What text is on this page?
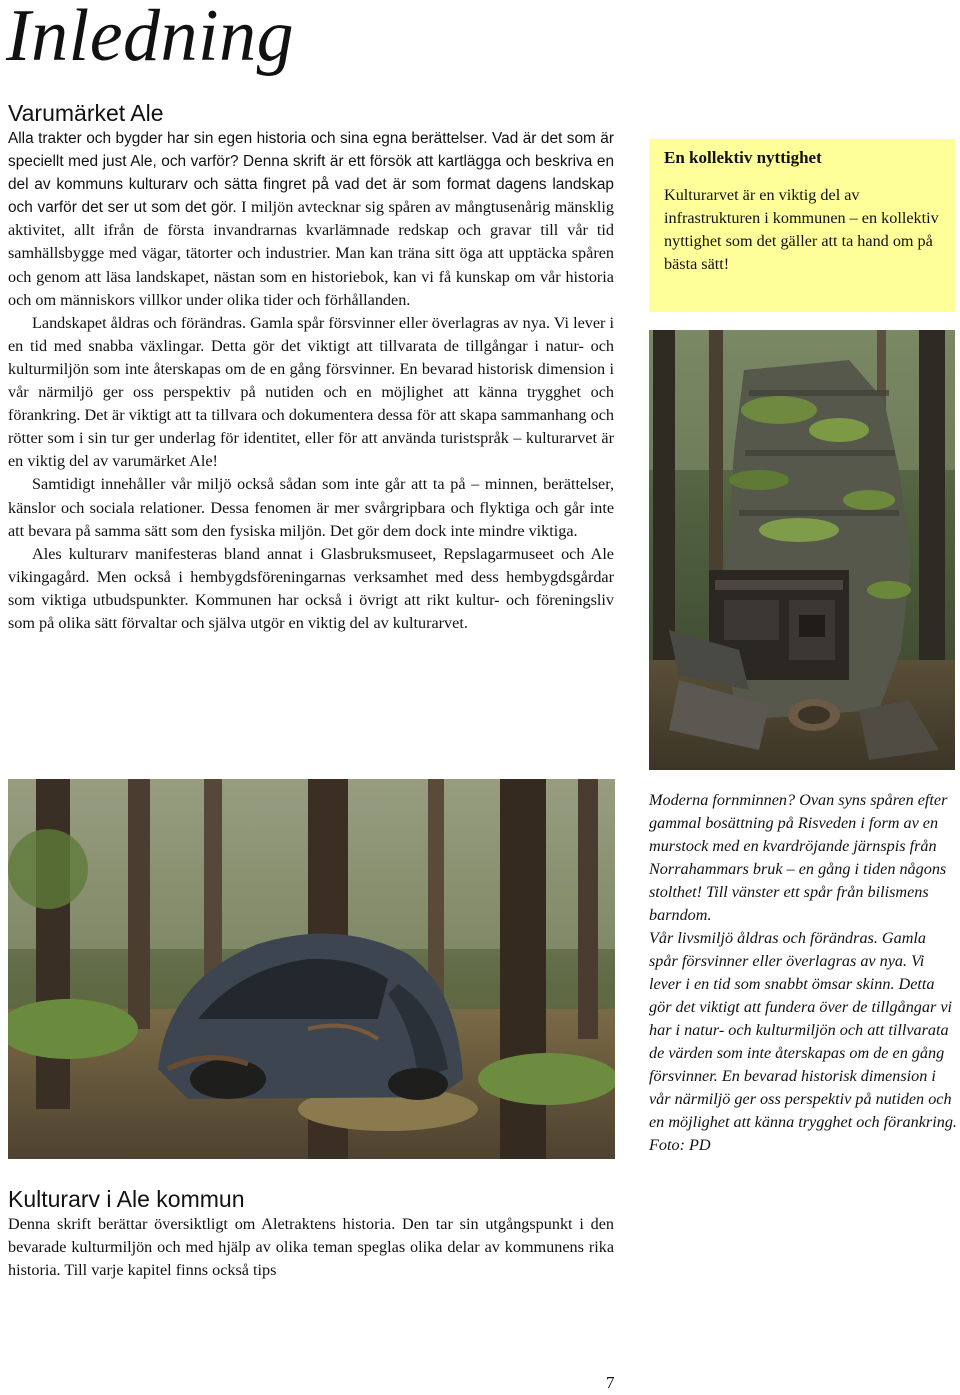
Inledning
Varumärket Ale

Alla trakter och bygder har sin egen historia och sina egna berättelser. Vad är det som är speciellt med just Ale, och varför? Denna skrift är ett försök att kartlägga och beskriva en del av kommuns kulturarv och sätta fingret på vad det är som format dagens landskap och varför det ser ut som det gör. I miljön avtecknar sig spåren av mångtusenårig mänsklig aktivitet, allt ifrån de första invandrarnas kvarlämnade redskap och gravar till vår tid samhällsbygge med vägar, tätorter och industrier. Man kan träna sitt öga att upptäcka spåren och genom att läsa landskapet, nästan som en historiebok, kan vi få kunskap om vår historia och om människors villkor under olika tider och förhållanden.

Landskapet åldras och förändras. Gamla spår försvinner eller överlagras av nya. Vi lever i en tid med snabba växlingar. Detta gör det viktigt att tillvarata de tillgångar i natur- och kulturmiljön som inte återskapas om de en gång försvinner. En bevarad historisk dimension i vår närmiljö ger oss perspektiv på nutiden och en möjlighet att känna trygghet och förankring. Det är viktigt att ta tillvara och dokumentera dessa för att skapa sammanhang och rötter som i sin tur ger underlag för identitet, eller för att använda turistspråk – kulturarvet är en viktig del av varumärket Ale!

Samtidigt innehåller vår miljö också sådan som inte går att ta på – minnen, berättelser, känslor och sociala relationer. Dessa fenomen är mer svårgripbara och flyktiga och går inte att bevara på samma sätt som den fysiska miljön. Det gör dem dock inte mindre viktiga.

Ales kulturarv manifesteras bland annat i Glasbruksmuseet, Repslagarmuseet och Ale vikingagård. Men också i hembygdsföreningarnas verksamhet med dess hembygdsgårdar som viktiga utbudspunkter. Kommunen har också i övrigt att rikt kultur- och föreningsliv som på olika sätt förvaltar och själva utgör en viktig del av kulturarvet.

En kollektiv nyttighet

Kulturarvet är en viktig del av infrastrukturen i kommunen – en kollektiv nyttighet som det gäller att ta hand om på bästa sätt!

Moderna fornminnen? Ovan syns spåren efter gammal bosättning på Risveden i form av en murstock med en kvardröjande järnspis från Norrahammars bruk – en gång i tiden någons stolthet! Till vänster ett spår från bilismens barndom.

Vår livsmiljö åldras och förändras. Gamla spår försvinner eller överlagras av nya. Vi lever i en tid som snabbt ömsar skinn. Detta gör det viktigt att fundera över de tillgångar vi har i natur- och kulturmiljön och att tillvarata de värden som inte återskapas om de en gång försvinner. En bevarad historisk dimension i vår närmiljö ger oss perspektiv på nutiden och en möjlighet att känna trygghet och förankring. Foto: PD

Kulturarv i Ale kommun

Denna skrift berättar översiktligt om Aletraktens historia. Den tar sin utgångspunkt i den bevarade kulturmiljön och med hjälp av olika teman speglas olika delar av kommunens rika historia. Till varje kapitel finns också tips

7
